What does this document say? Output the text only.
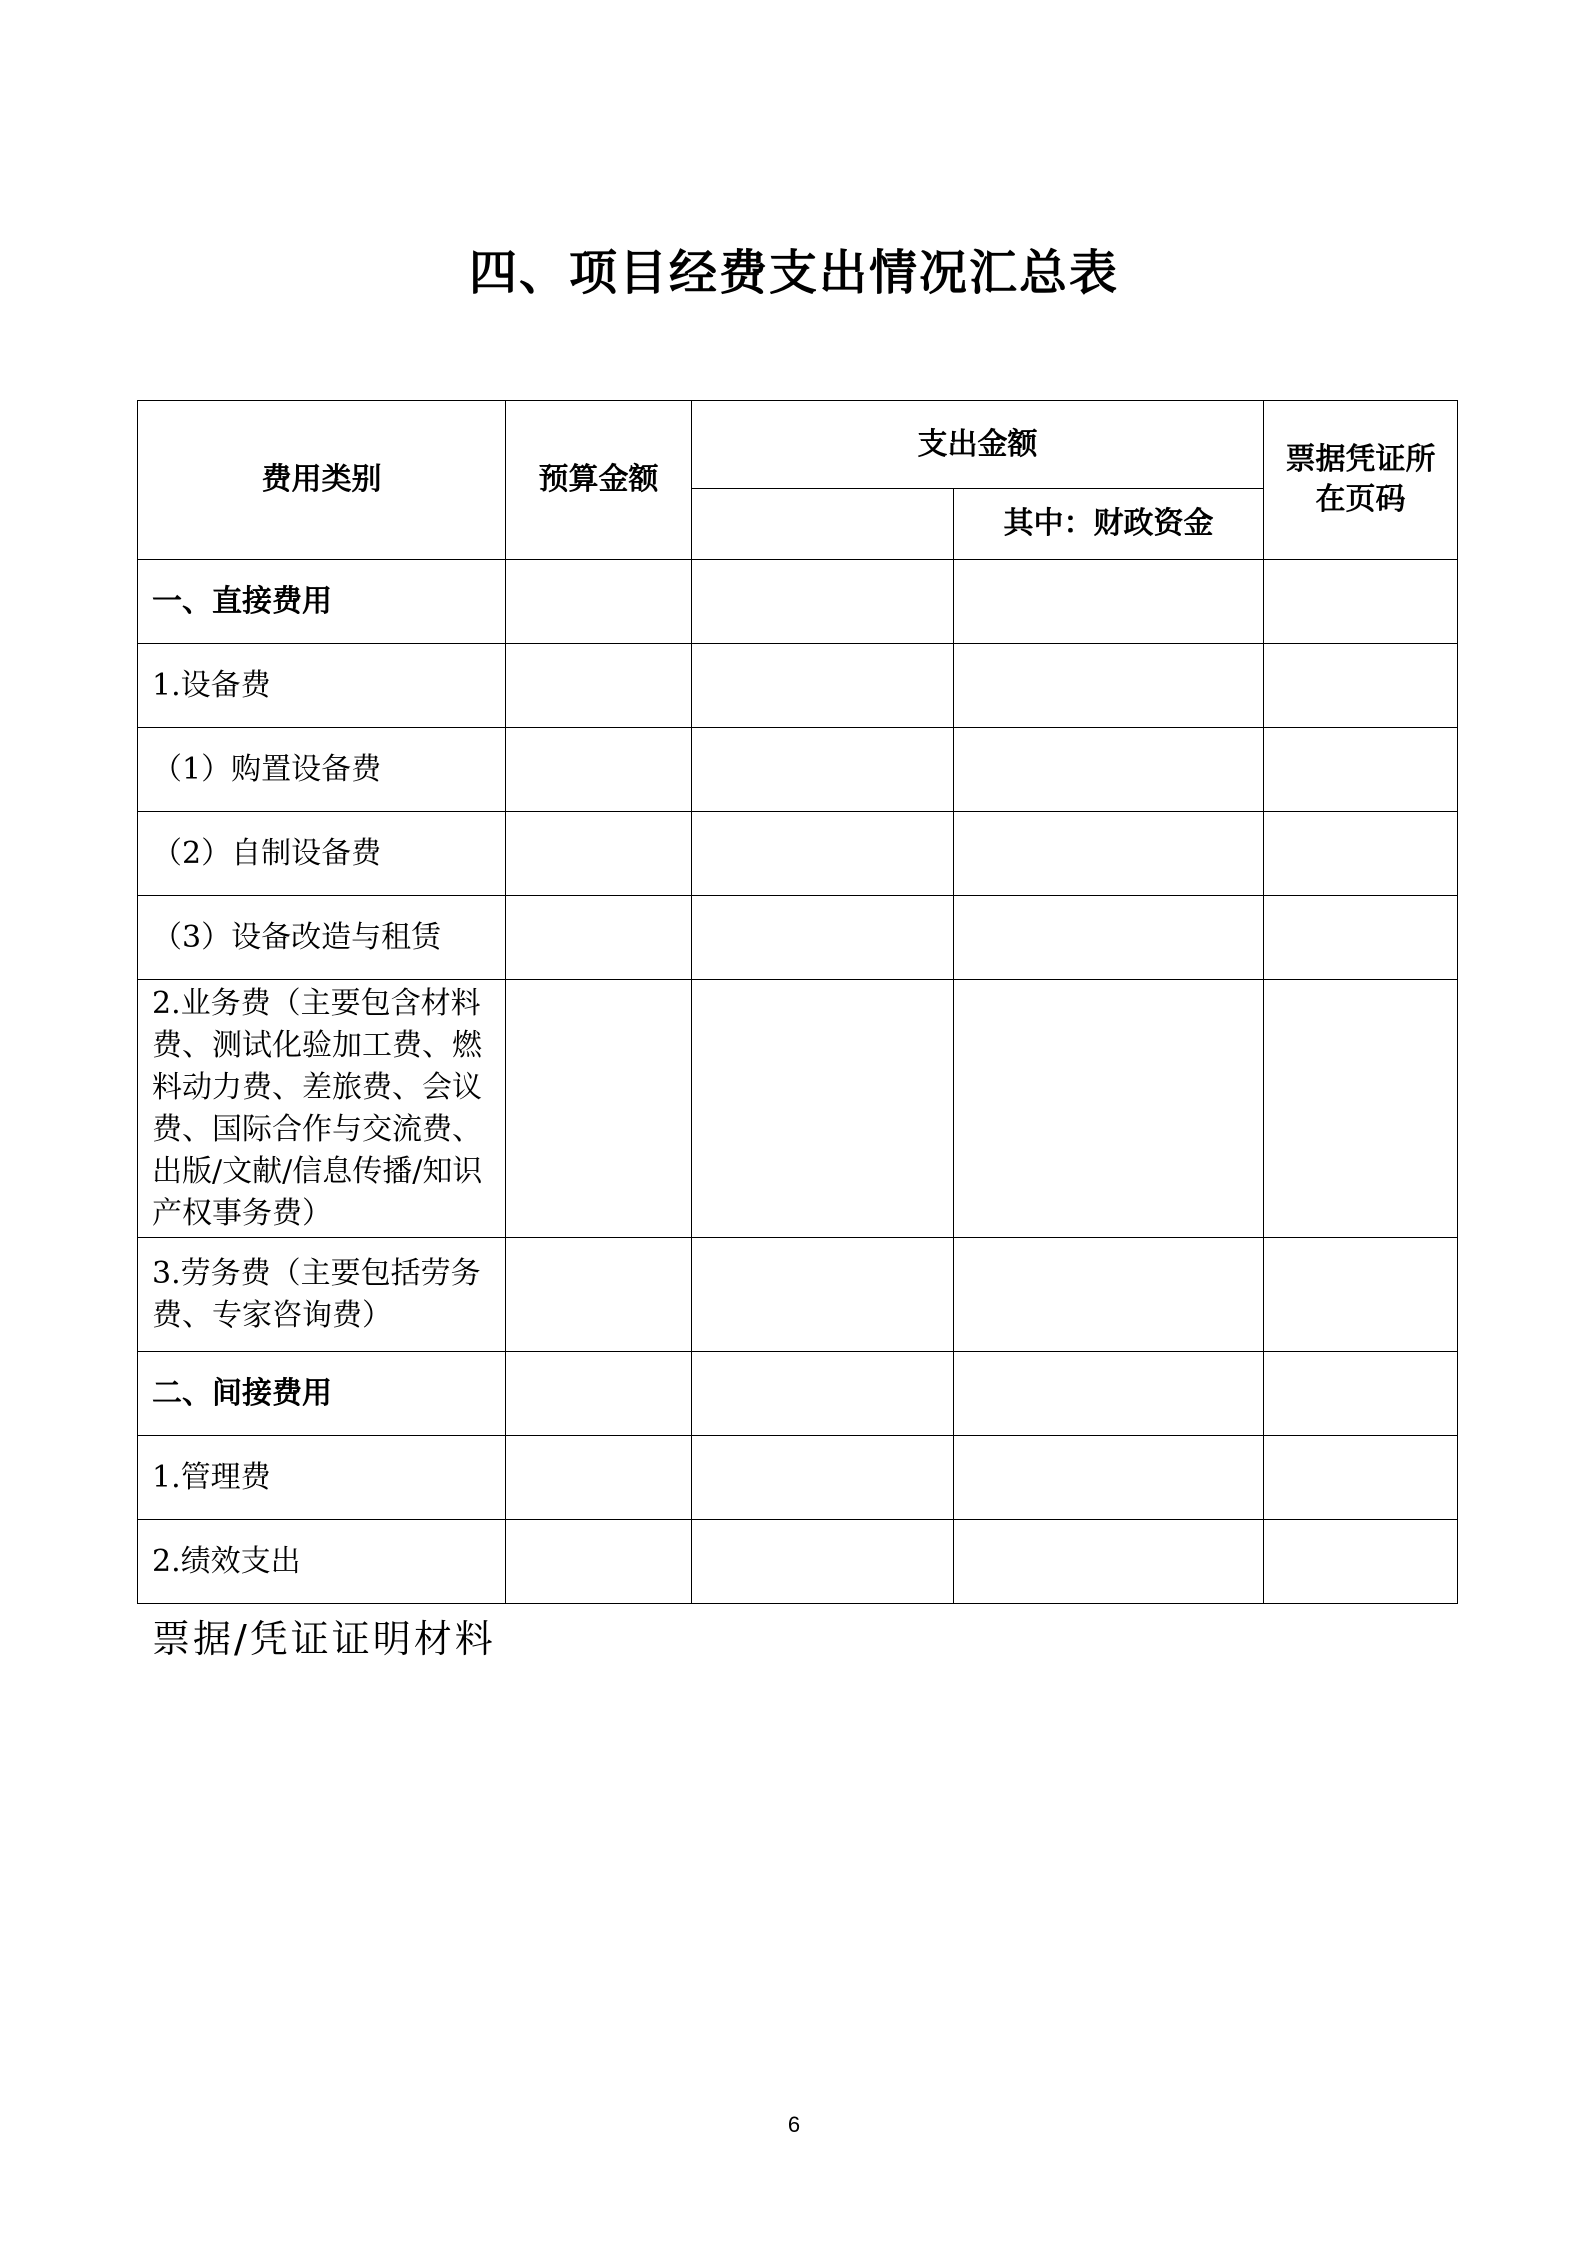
四、项目经费支出情况汇总表
费用类别	预算金额	支出金额		票据凭证所在页码
			其中：财政资金	
一、直接费用				
1.设备费				
（1）购置设备费				
（2）自制设备费				
（3）设备改造与租赁				
2.业务费（主要包含材料费、测试化验加工费、燃料动力费、差旅费、会议费、国际合作与交流费、出版/文献/信息传播/知识产权事务费）				
3.劳务费（主要包括劳务费、专家咨询费）				
二、间接费用				
1.管理费				
2.绩效支出				
票据/凭证证明材料
6
